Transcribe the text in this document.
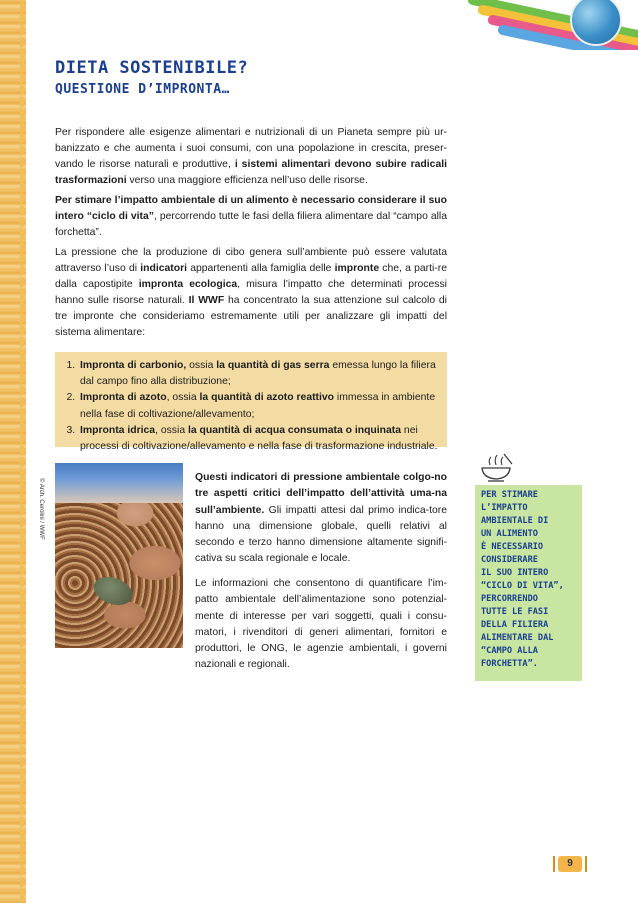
DIETA SOSTENIBILE?
QUESTIONE D’IMPRONTA…

Per rispondere alle esigenze alimentari e nutrizionali di un Pianeta sempre più ur-banizzato e che aumenta i suoi consumi, con una popolazione in crescita, preser-vando le risorse naturali e produttive, i sistemi alimentari devono subire radicali trasformazioni verso una maggiore efficienza nell’uso delle risorse.

Per stimare l’impatto ambientale di un alimento è necessario considerare il suo intero “ciclo di vita”, percorrendo tutte le fasi della filiera alimentare dal “campo alla forchetta”.

La pressione che la produzione di cibo genera sull’ambiente può essere valutata attraverso l’uso di indicatori appartenenti alla famiglia delle impronte che, a parti-re dalla capostipite impronta ecologica, misura l’impatto che determinati processi hanno sulle risorse naturali. Il WWF ha concentrato la sua attenzione sul calcolo di tre impronte che consideriamo estremamente utili per analizzare gli impatti del sistema alimentare:

1. Impronta di carbonio, ossia la quantità di gas serra emessa lungo la filiera dal campo fino alla distribuzione;
2. Impronta di azoto, ossia la quantità di azoto reattivo immessa in ambiente nella fase di coltivazione/allevamento;
3. Impronta idrica, ossia la quantità di acqua consumata o inquinata nei processi di coltivazione/allevamento e nella fase di trasformazione industriale.
© Arch. Cerolini / WWF

Questi indicatori di pressione ambientale colgo-no tre aspetti critici dell’impatto dell’attività uma-na sull’ambiente. Gli impatti attesi dal primo indica-tore hanno una dimensione globale, quelli relativi al secondo e terzo hanno dimensione altamente signifi-cativa su scala regionale e locale.

Le informazioni che consentono di quantificare l’im-patto ambientale dell’alimentazione sono potenzial-mente di interesse per vari soggetti, quali i consu-matori, i rivenditori di generi alimentari, fornitori e produttori, le ONG, le agenzie ambientali, i governi nazionali e regionali.

PER STIMARE
L’IMPATTO
AMBIENTALE DI
UN ALIMENTO
È NECESSARIO
CONSIDERARE
IL SUO INTERO
“CICLO DI VITA”,
PERCORRENDO
TUTTE LE FASI
DELLA FILIERA
ALIMENTARE DAL
“CAMPO ALLA
FORCHETTA”.
9
